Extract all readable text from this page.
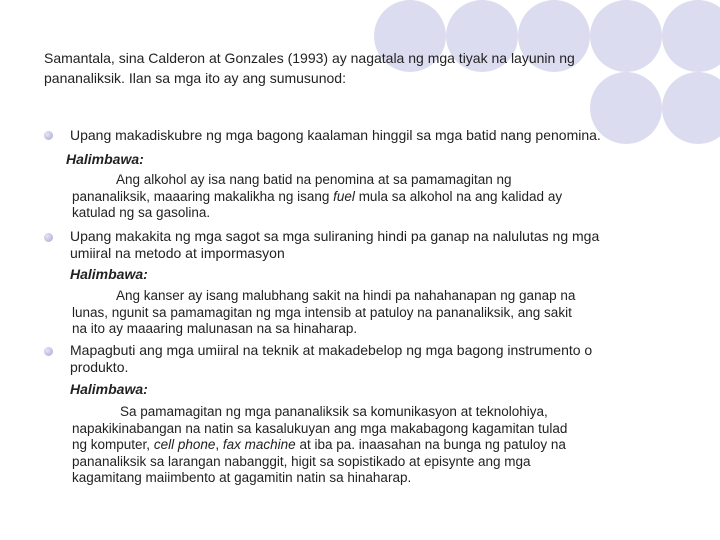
Samantala, sina Calderon at Gonzales (1993) ay nagatala ng mga tiyak na layunin ng
pananaliksik. Ilan sa mga ito ay ang sumusunod:
Upang makadiskubre ng mga bagong kaalaman hinggil sa mga batid nang penomina.
Halimbawa:
Ang alkohol ay isa nang batid na penomina at sa pamamagitan ng
pananaliksik, maaaring makalikha ng isang fuel mula sa alkohol na ang kalidad ay
katulad ng sa gasolina.
Upang makakita ng mga sagot sa mga suliraning hindi pa ganap na nalulutas ng mga
umiiral na metodo at impormasyon
Halimbawa:
Ang kanser ay isang malubhang sakit na hindi pa nahahanapan ng ganap na
lunas, ngunit sa pamamagitan ng mga intensib at patuloy na pananaliksik, ang sakit
na ito ay maaaring malunasan na sa hinaharap.
Mapagbuti ang mga umiiral na teknik at makadebelop ng mga bagong instrumento o
produkto.
Halimbawa:
Sa pamamagitan ng mga pananaliksik sa komunikasyon at teknolohiya,
napakikinabangan na natin sa kasalukuyan ang mga makabagong kagamitan tulad
ng komputer, cell phone, fax machine at iba pa. inaasahan na bunga ng patuloy na
pananaliksik sa larangan nabanggit, higit sa sopistikado at episynte ang mga
kagamitang maiimbento at gagamitin natin sa hinaharap.
